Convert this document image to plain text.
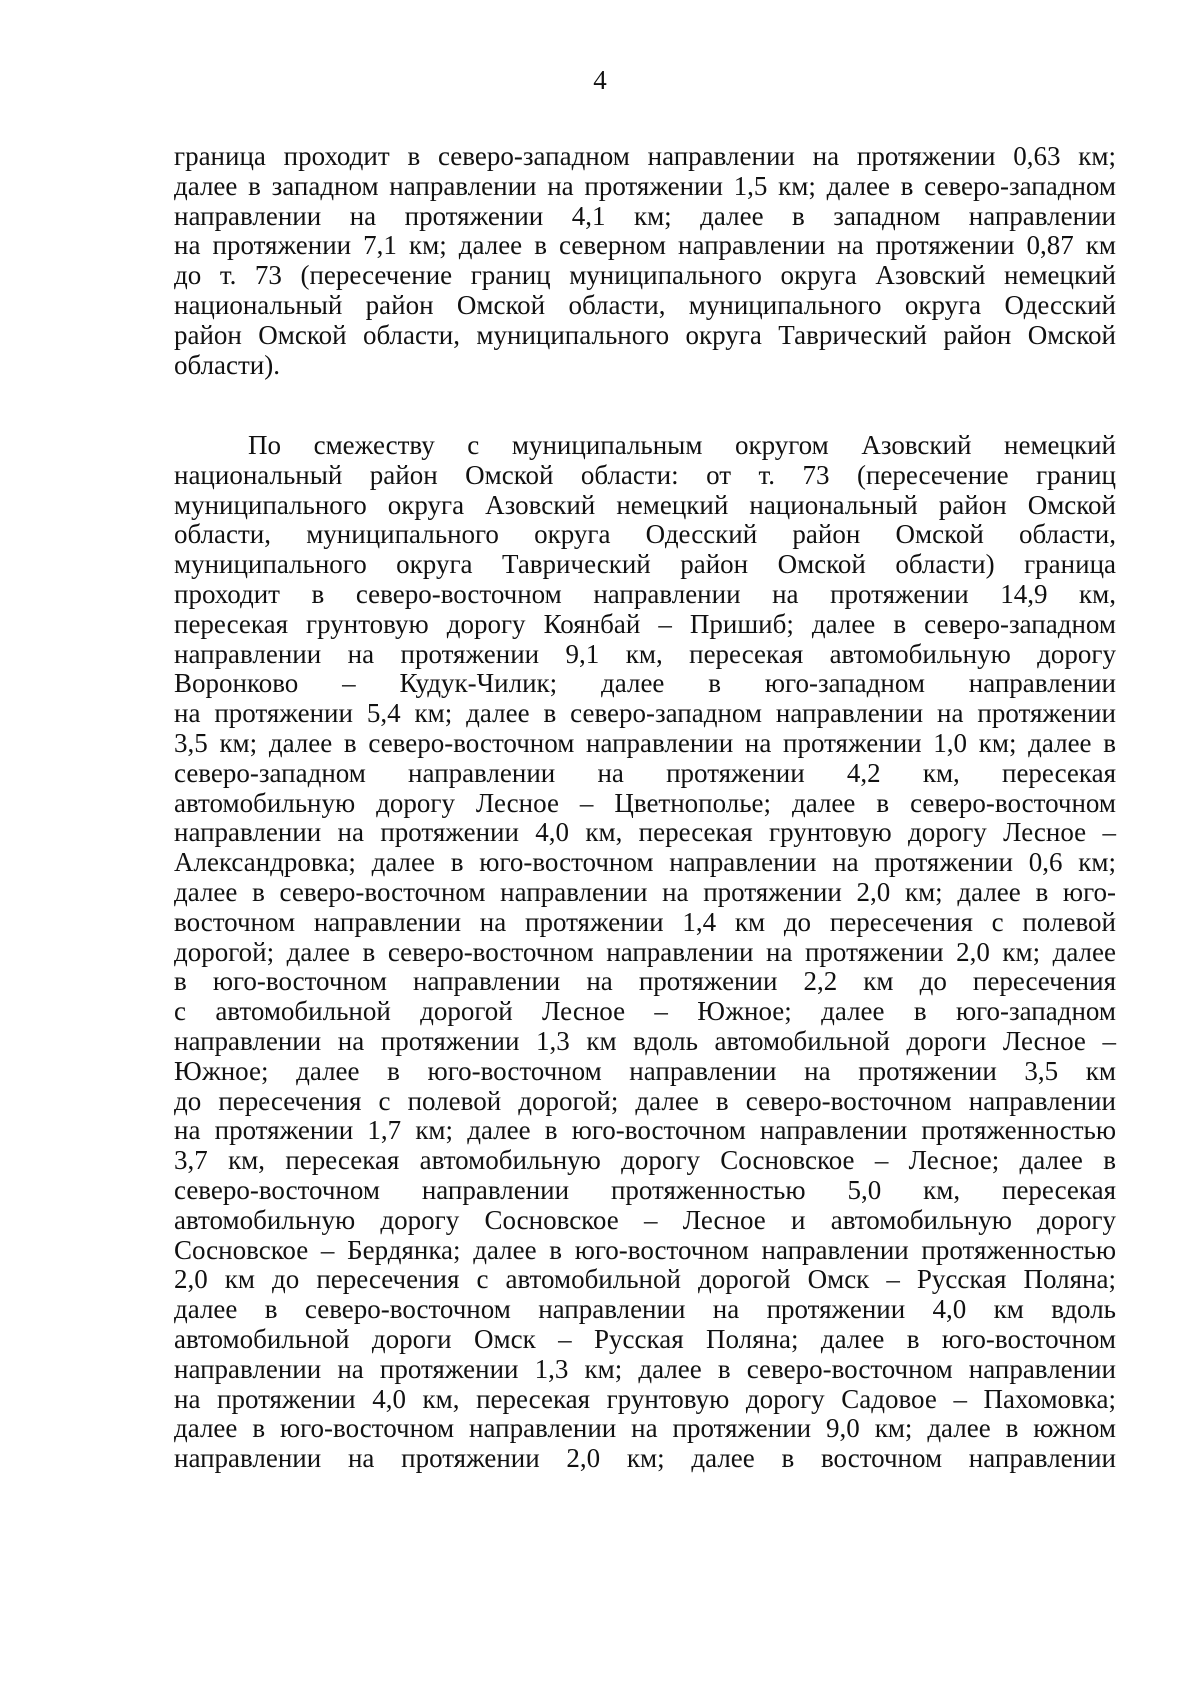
4
граница проходит в северо-западном направлении на протяжении 0,63 км;
далее в западном направлении на протяжении 1,5 км; далее в северо-западном
направлении на протяжении 4,1 км; далее в западном направлении
на протяжении 7,1 км; далее в северном направлении на протяжении 0,87 км
до т. 73 (пересечение границ муниципального округа Азовский немецкий
национальный район Омской области, муниципального округа Одесский
район Омской области, муниципального округа Таврический район Омской
области).
По смежеству с муниципальным округом Азовский немецкий
национальный район Омской области: от т. 73 (пересечение границ
муниципального округа Азовский немецкий национальный район Омской
области, муниципального округа Одесский район Омской области,
муниципального округа Таврический район Омской области) граница
проходит в северо-восточном направлении на протяжении 14,9 км,
пересекая грунтовую дорогу Коянбай – Пришиб; далее в северо-западном
направлении на протяжении 9,1 км, пересекая автомобильную дорогу
Воронково – Кудук-Чилик; далее в юго-западном направлении
на протяжении 5,4 км; далее в северо-западном направлении на протяжении
3,5 км; далее в северо-восточном направлении на протяжении 1,0 км; далее в
северо-западном направлении на протяжении 4,2 км, пересекая
автомобильную дорогу Лесное – Цветнополье; далее в северо-восточном
направлении на протяжении 4,0 км, пересекая грунтовую дорогу Лесное –
Александровка; далее в юго-восточном направлении на протяжении 0,6 км;
далее в северо-восточном направлении на протяжении 2,0 км; далее в юго-
восточном направлении на протяжении 1,4 км до пересечения с полевой
дорогой; далее в северо-восточном направлении на протяжении 2,0 км; далее
в юго-восточном направлении на протяжении 2,2 км до пересечения
с автомобильной дорогой Лесное – Южное; далее в юго-западном
направлении на протяжении 1,3 км вдоль автомобильной дороги Лесное –
Южное; далее в юго-восточном направлении на протяжении 3,5 км
до пересечения с полевой дорогой; далее в северо-восточном направлении
на протяжении 1,7 км; далее в юго-восточном направлении протяженностью
3,7 км, пересекая автомобильную дорогу Сосновское – Лесное; далее в
северо-восточном направлении протяженностью 5,0 км, пересекая
автомобильную дорогу Сосновское – Лесное и автомобильную дорогу
Сосновское – Бердянка; далее в юго-восточном направлении протяженностью
2,0 км до пересечения с автомобильной дорогой Омск – Русская Поляна;
далее в северо-восточном направлении на протяжении 4,0 км вдоль
автомобильной дороги Омск – Русская Поляна; далее в юго-восточном
направлении на протяжении 1,3 км; далее в северо-восточном направлении
на протяжении 4,0 км, пересекая грунтовую дорогу Садовое – Пахомовка;
далее в юго-восточном направлении на протяжении 9,0 км; далее в южном
направлении на протяжении 2,0 км; далее в восточном направлении
